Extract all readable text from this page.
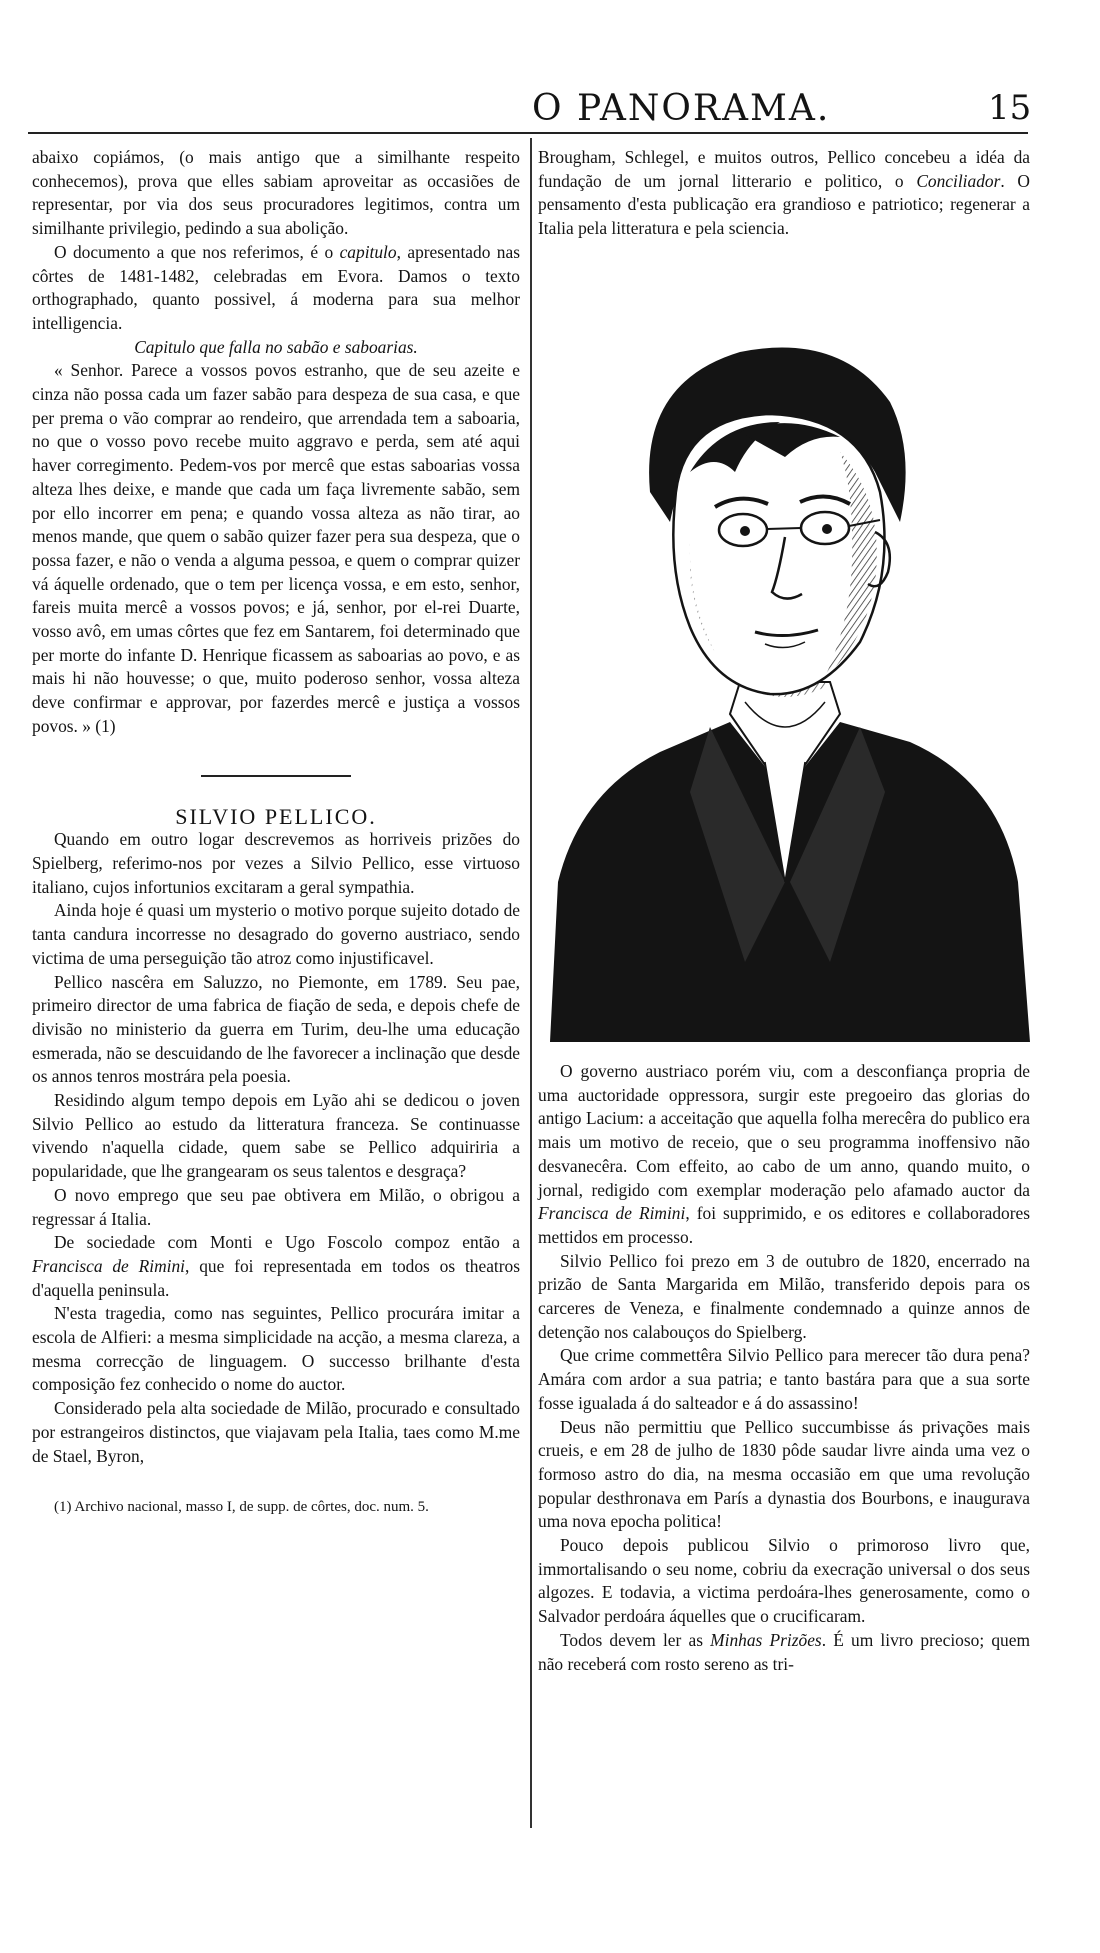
O PANORAMA.	15

abaixo copiámos, (o mais antigo que a similhante respeito conhecemos), prova que elles sabiam aproveitar as occasiões de representar, por via dos seus procuradores legitimos, contra um similhante privilegio, pedindo a sua abolição.

O documento a que nos referimos, é o capitulo, apresentado nas côrtes de 1481-1482, celebradas em Evora. Damos o texto orthographado, quanto possivel, á moderna para sua melhor intelligencia.

Capitulo que falla no sabão e saboarias.

« Senhor. Parece a vossos povos estranho, que de seu azeite e cinza não possa cada um fazer sabão para despeza de sua casa, e que per prema o vão comprar ao rendeiro, que arrendada tem a saboaria, no que o vosso povo recebe muito aggravo e perda, sem até aqui haver corregimento. Pedem-vos por mercê que estas saboarias vossa alteza lhes deixe, e mande que cada um faça livremente sabão, sem por ello incorrer em pena; e quando vossa alteza as não tirar, ao menos mande, que quem o sabão quizer fazer pera sua despeza, que o possa fazer, e não o venda a alguma pessoa, e quem o comprar quizer vá áquelle ordenado, que o tem per licença vossa, e em esto, senhor, fareis muita mercê a vossos povos; e já, senhor, por el-rei Duarte, vosso avô, em umas côrtes que fez em Santarem, foi determinado que per morte do infante D. Henrique ficassem as saboarias ao povo, e as mais hi não houvesse; o que, muito poderoso senhor, vossa alteza deve confirmar e approvar, por fazerdes mercê e justiça a vossos povos. » (1)

SILVIO PELLICO.

Quando em outro logar descrevemos as horriveis prizões do Spielberg, referimo-nos por vezes a Silvio Pellico, esse virtuoso italiano, cujos infortunios excitaram a geral sympathia.

Ainda hoje é quasi um mysterio o motivo porque sujeito dotado de tanta candura incorresse no desagrado do governo austriaco, sendo victima de uma perseguição tão atroz como injustificavel.

Pellico nascêra em Saluzzo, no Piemonte, em 1789. Seu pae, primeiro director de uma fabrica de fiação de seda, e depois chefe de divisão no ministerio da guerra em Turim, deu-lhe uma educação esmerada, não se descuidando de lhe favorecer a inclinação que desde os annos tenros mostrára pela poesia.

Residindo algum tempo depois em Lyão ahi se dedicou o joven Silvio Pellico ao estudo da litteratura franceza. Se continuasse vivendo n'aquella cidade, quem sabe se Pellico adquiriria a popularidade, que lhe grangearam os seus talentos e desgraça?

O novo emprego que seu pae obtivera em Milão, o obrigou a regressar á Italia.

De sociedade com Monti e Ugo Foscolo compoz então a Francisca de Rimini, que foi representada em todos os theatros d'aquella peninsula.

N'esta tragedia, como nas seguintes, Pellico procurára imitar a escola de Alfieri: a mesma simplicidade na acção, a mesma clareza, a mesma correcção de linguagem. O successo brilhante d'esta composição fez conhecido o nome do auctor.

Considerado pela alta sociedade de Milão, procurado e consultado por estrangeiros distinctos, que viajavam pela Italia, taes como M.me de Stael, Byron,

(1) Archivo nacional, masso I, de supp. de côrtes, doc. num. 5.

Brougham, Schlegel, e muitos outros, Pellico concebeu a idéa da fundação de um jornal litterario e politico, o Conciliador. O pensamento d'esta publicação era grandioso e patriotico; regenerar a Italia pela litteratura e pela sciencia.

O governo austriaco porém viu, com a desconfiança propria de uma auctoridade oppressora, surgir este pregoeiro das glorias do antigo Lacium: a acceitação que aquella folha merecêra do publico era mais um motivo de receio, que o seu programma inoffensivo não desvanecêra. Com effeito, ao cabo de um anno, quando muito, o jornal, redigido com exemplar moderação pelo afamado auctor da Francisca de Rimini, foi supprimido, e os editores e collaboradores mettidos em processo.

Silvio Pellico foi prezo em 3 de outubro de 1820, encerrado na prizão de Santa Margarida em Milão, transferido depois para os carceres de Veneza, e finalmente condemnado a quinze annos de detenção nos calabouços do Spielberg.

Que crime commettêra Silvio Pellico para merecer tão dura pena? Amára com ardor a sua patria; e tanto bastára para que a sua sorte fosse igualada á do salteador e á do assassino!

Deus não permittiu que Pellico succumbisse ás privações mais crueis, e em 28 de julho de 1830 pôde saudar livre ainda uma vez o formoso astro do dia, na mesma occasião em que uma revolução popular desthronava em París a dynastia dos Bourbons, e inaugurava uma nova epocha politica!

Pouco depois publicou Silvio o primoroso livro que, immortalisando o seu nome, cobriu da execração universal o dos seus algozes. E todavia, a victima perdoára-lhes generosamente, como o Salvador perdoára áquelles que o crucificaram.

Todos devem ler as Minhas Prizões. É um livro precioso; quem não receberá com rosto sereno as tri-
